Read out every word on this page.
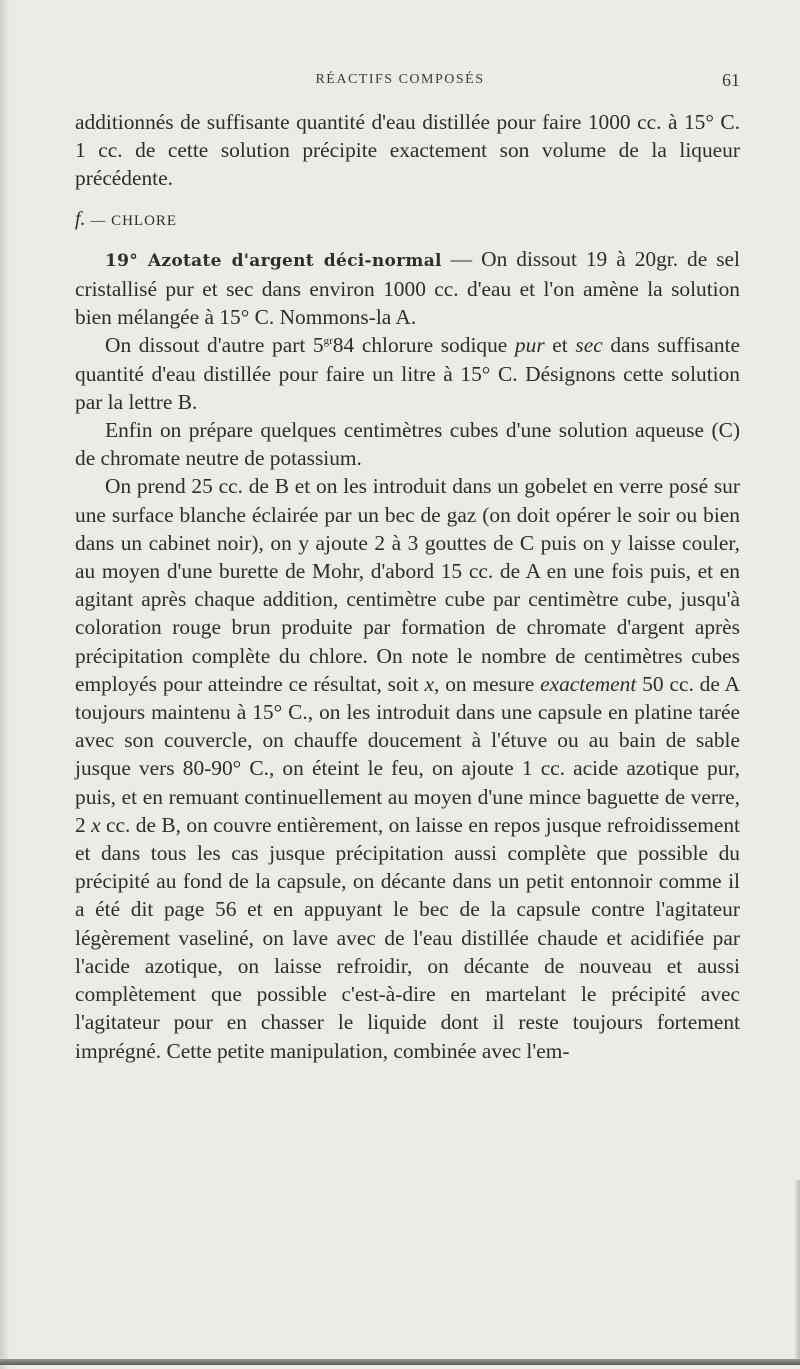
RÉACTIFS COMPOSÉS	61

additionnés de suffisante quantité d'eau distillée pour faire 1000 cc. à 15° C. 1 cc. de cette solution précipite exactement son volume de la liqueur précédente.

f. — CHLORE

19° Azotate d'argent déci-normal — On dissout 19 à 20gr. de sel cristallisé pur et sec dans environ 1000 cc. d'eau et l'on amène la solution bien mélangée à 15° C. Nommons-la A.

On dissout d'autre part $5^{gr}84$ chlorure sodique pur et sec dans suffisante quantité d'eau distillée pour faire un litre à 15° C. Désignons cette solution par la lettre B.

Enfin on prépare quelques centimètres cubes d'une solution aqueuse (C) de chromate neutre de potassium.

On prend 25 cc. de B et on les introduit dans un gobelet en verre posé sur une surface blanche éclairée par un bec de gaz (on doit opérer le soir ou bien dans un cabinet noir), on y ajoute 2 à 3 gouttes de C puis on y laisse couler, au moyen d'une burette de Mohr, d'abord 15 cc. de A en une fois puis, et en agitant après chaque addition, centimètre cube par centimètre cube, jusqu'à coloration rouge brun produite par formation de chromate d'argent après précipitation complète du chlore. On note le nombre de centimètres cubes employés pour atteindre ce résultat, soit x, on mesure exactement 50 cc. de A toujours maintenu à 15° C., on les introduit dans une capsule en platine tarée avec son couvercle, on chauffe doucement à l'étuve ou au bain de sable jusque vers 80-90° C., on éteint le feu, on ajoute 1 cc. acide azotique pur, puis, et en remuant continuellement au moyen d'une mince baguette de verre, 2 x cc. de B, on couvre entièrement, on laisse en repos jusque refroidissement et dans tous les cas jusque précipitation aussi complète que possible du précipité au fond de la capsule, on décante dans un petit entonnoir comme il a été dit page 56 et en appuyant le bec de la capsule contre l'agitateur légèrement vaseliné, on lave avec de l'eau distillée chaude et acidifiée par l'acide azotique, on laisse refroidir, on décante de nouveau et aussi complètement que possible c'est-à-dire en martelant le précipité avec l'agitateur pour en chasser le liquide dont il reste toujours fortement imprégné. Cette petite manipulation, combinée avec l'em-
